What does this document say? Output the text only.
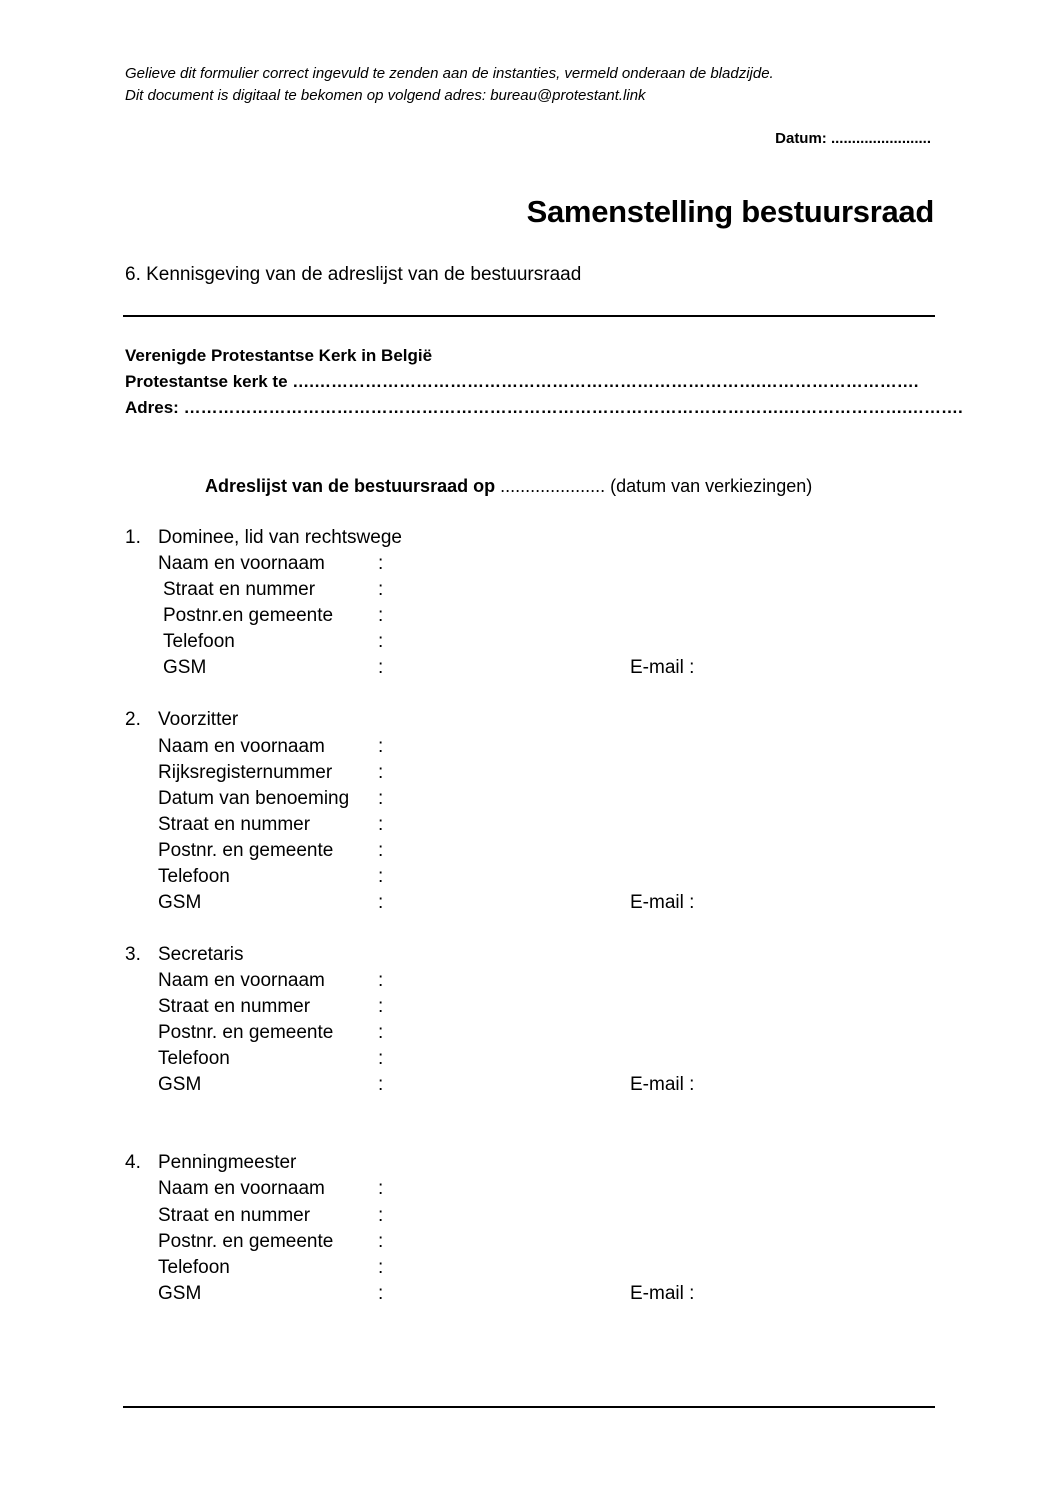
Gelieve dit formulier correct ingevuld te zenden aan de instanties, vermeld onderaan de bladzijde.
Dit document is digitaal te bekomen op volgend adres: bureau@protestant.link
Datum: ........................
Samenstelling bestuursraad
6. Kennisgeving van de adreslijst van de bestuursraad
Verenigde Protestantse Kerk in België
Protestantse kerk te ….…………………………………………………………………….……………………….
Adres: …………………………………………………………………………………………….………………….……….
Adreslijst van de bestuursraad op ..................... (datum van verkiezingen)
1. Dominee, lid van rechtswege
Naam en voornaam	:
Straat en nummer	:
Postnr.en gemeente :
Telefoon	:
GSM	:	E-mail :
2. Voorzitter
Naam en voornaam	:
Rijksregisternummer :
Datum van benoeming :
Straat en nummer	:
Postnr. en gemeente :
Telefoon	:
GSM	:	E-mail :
3. Secretaris
Naam en voornaam	:
Straat en nummer	:
Postnr. en gemeente :
Telefoon	:
GSM	:	E-mail :
4. Penningmeester
Naam en voornaam	:
Straat en nummer	:
Postnr. en gemeente :
Telefoon	:
GSM	:	E-mail :
